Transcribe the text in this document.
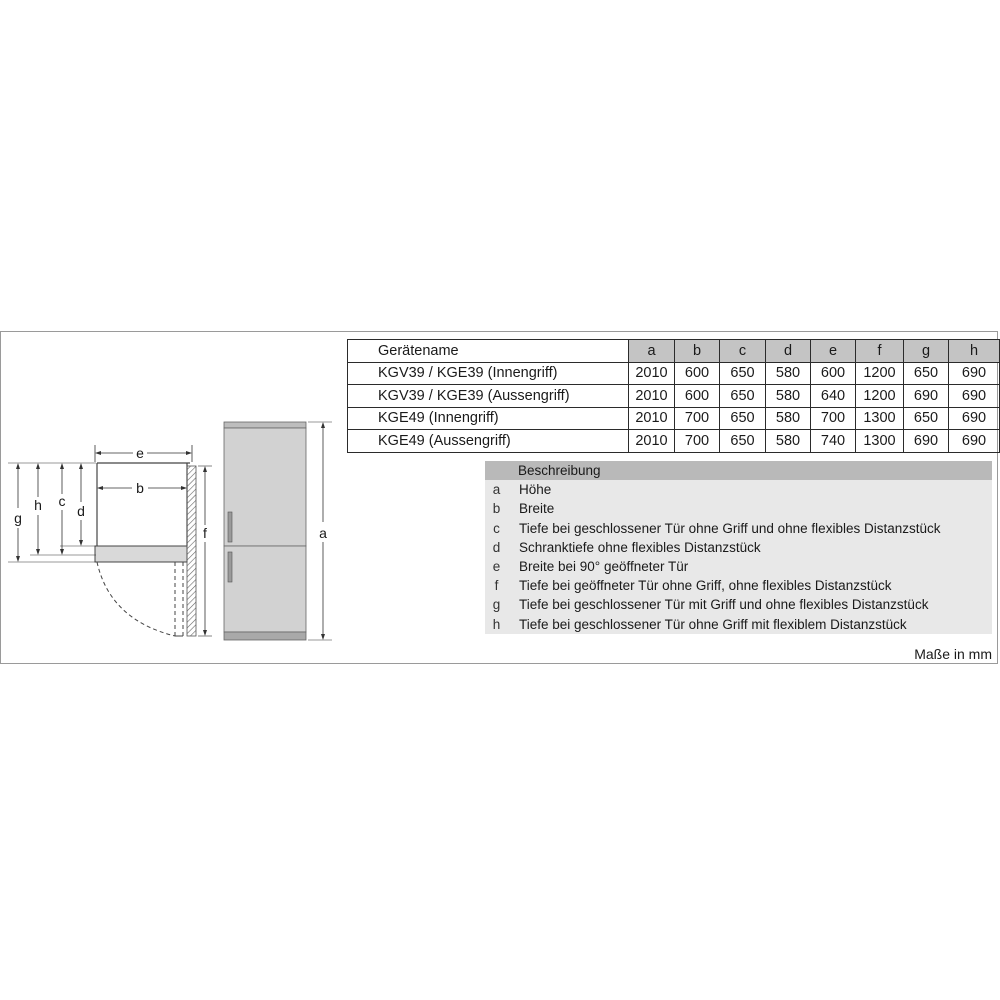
e
b
g
h c
d
f	a
Gerätename	a	b	c	d	e	f	g	h
KGV39 / KGE39 (Innengriff)	2010	600	650	580	600	1200	650	690
KGV39 / KGE39 (Aussengriff)	2010	600	650	580	640	1200	690	690
KGE49 (Innengriff)	2010	700	650	580	700	1300	650	690
KGE49 (Aussengriff)	2010	700	650	580	740	1300	690	690
	Beschreibung
a	Höhe
b	Breite
c	Tiefe bei geschlossener Tür ohne Griff und ohne flexibles Distanzstück
d	Schranktiefe ohne flexibles Distanzstück
e	Breite bei 90° geöffneter Tür
f	Tiefe bei geöffneter Tür ohne Griff, ohne flexibles Distanzstück
g	Tiefe bei geschlossener Tür mit Griff und ohne flexibles Distanzstück
h	Tiefe bei geschlossener Tür ohne Griff mit flexiblem Distanzstück
Maße in mm
